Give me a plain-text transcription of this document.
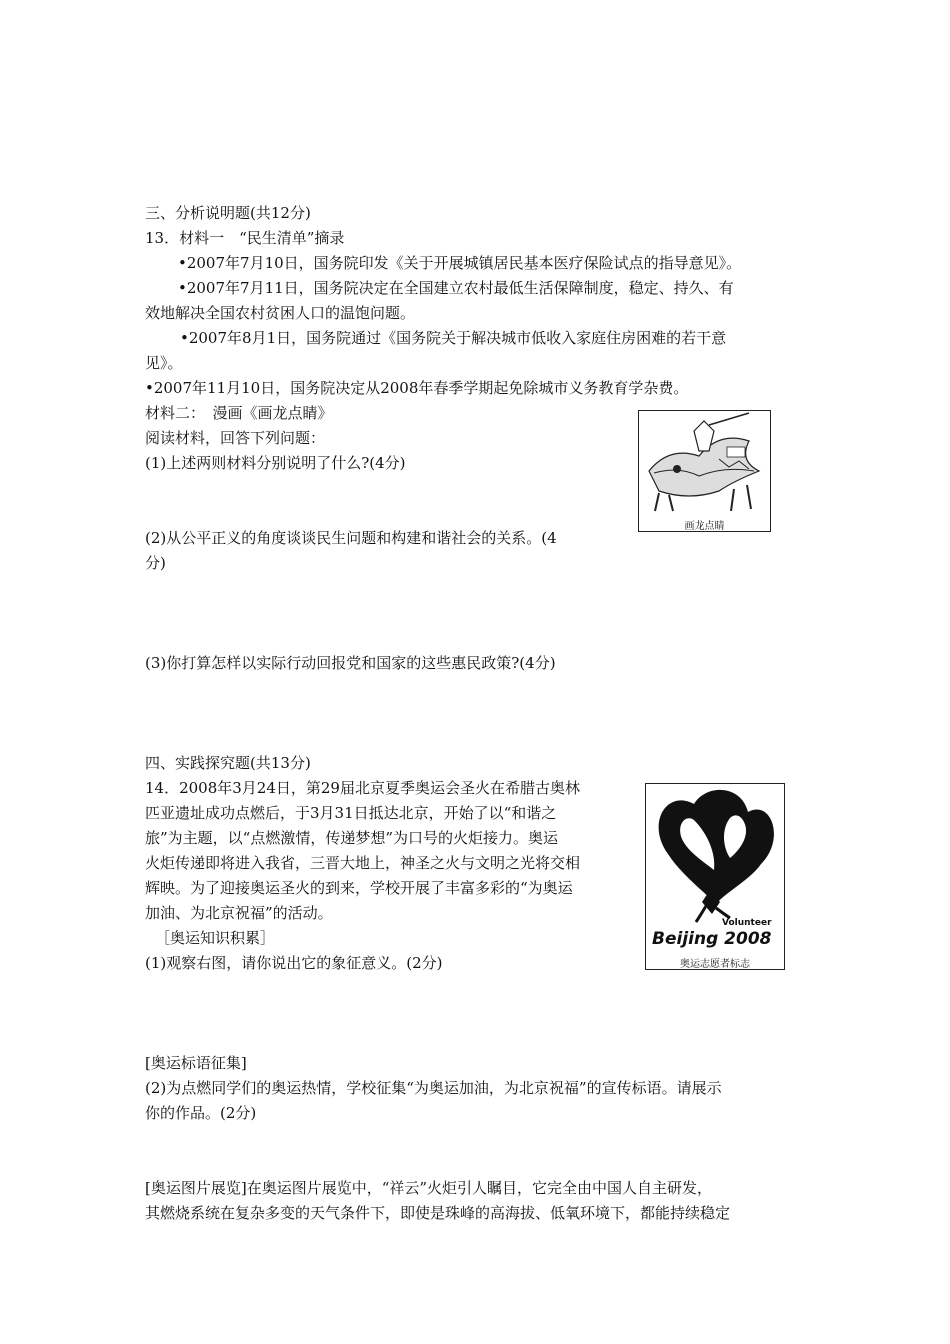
三、分析说明题(共12分)
13．材料一　“民生清单”摘录
•2007年7月10日，国务院印发《关于开展城镇居民基本医疗保险试点的指导意见》。
•2007年7月11日，国务院决定在全国建立农村最低生活保障制度，稳定、持久、有
效地解决全国农村贫困人口的温饱问题。
•2007年8月1日，国务院通过《国务院关于解决城市低收入家庭住房困难的若干意
见》。
•2007年11月10日，国务院决定从2008年春季学期起免除城市义务教育学杂费。
材料二：　漫画《画龙点睛》
阅读材料，回答下列问题：
(1)上述两则材料分别说明了什么?(4分)
(2)从公平正义的角度谈谈民生问题和构建和谐社会的关系。(4
分)
(3)你打算怎样以实际行动回报党和国家的这些惠民政策?(4分)
画龙点睛
四、实践探究题(共13分)
14．2008年3月24日，第29届北京夏季奥运会圣火在希腊古奥林
匹亚遗址成功点燃后，于3月31日抵达北京，开始了以“和谐之
旅”为主题，以“点燃激情，传递梦想”为口号的火炬接力。奥运
火炬传递即将进入我省，三晋大地上，神圣之火与文明之光将交相
辉映。为了迎接奥运圣火的到来，学校开展了丰富多彩的“为奥运
加油、为北京祝福”的活动。
［奥运知识积累］
(1)观察右图，请你说出它的象征意义。(2分)
[奥运标语征集]
(2)为点燃同学们的奥运热情，学校征集“为奥运加油，为北京祝福”的宣传标语。请展示
你的作品。(2分)
[奥运图片展览]在奥运图片展览中，“祥云”火炬引人瞩目，它完全由中国人自主研发，
其燃烧系统在复杂多变的天气条件下，即使是珠峰的高海拔、低氧环境下，都能持续稳定
Volunteer
Beijing 2008
奥运志愿者标志
